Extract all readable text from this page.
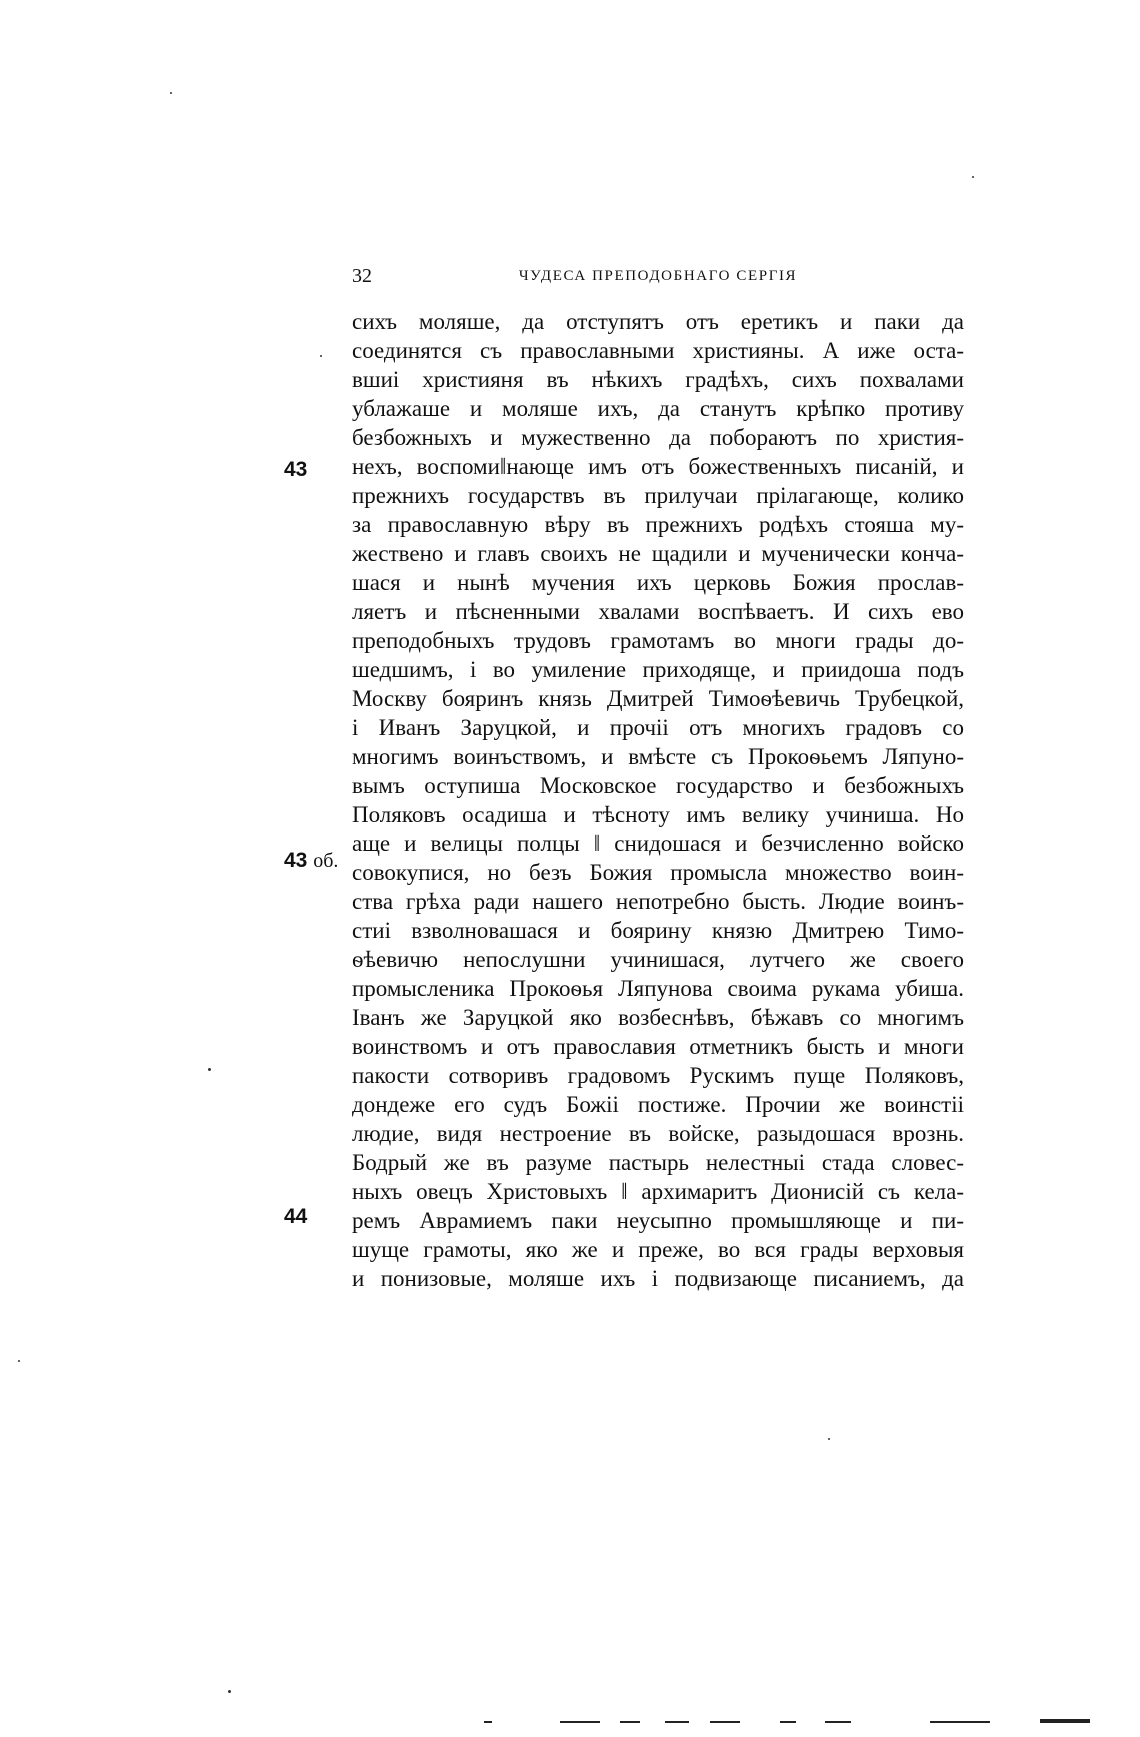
32	ЧУДЕСА ПРЕПОДОБНАГО СЕРГІЯ
43
43 об.
44
сихъ моляше, да отступятъ отъ еретикъ и паки да
соединятся съ православными християны. А иже оста-
вшиі християня въ нѣкихъ градѣхъ, сихъ похвалами
ублажаше и моляше ихъ, да станутъ крѣпко противу
безбожныхъ и мужественно да побораютъ по христия-
нехъ, воспоми‖нающе имъ отъ божественныхъ писанiй, и
прежнихъ государствъ въ прилучаи прiлагающе, колико
за православную вѣру въ прежнихъ родѣхъ стояша му-
жествено и главъ своихъ не щадили и мученически конча-
шася и нынѣ мучения ихъ церковь Божия прослав-
ляетъ и пѣсненными хвалами воспѣваетъ. И сихъ ево
преподобныхъ трудовъ грамотамъ во многи грады до-
шедшимъ, і во умиление приходяще, и приидоша подъ
Москву бояринъ князь Дмитрей Тимоѳѣевичь Трубецкой,
і Иванъ Заруцкой, и прочiі отъ многихъ градовъ со
многимъ воинъствомъ, и вмѣсте съ Прокоѳьемъ Ляпуно-
вымъ оступиша Московское государство и безбожныхъ
Поляковъ осадиша и тѣсноту имъ велику учиниша. Но
аще и велицы полцы ‖ снидошася и безчисленно войско
совокупися, но безъ Божия промысла множество воин-
ства грѣха ради нашего непотребно бысть. Людие воинъ-
стиі взволновашася и боярину князю Дмитрею Тимо-
ѳѣевичю непослушни учинишася, лутчего же своего
промысленика Прокоѳья Ляпунова своима рукама убиша.
Іванъ же Заруцкой яко возбеснѣвъ, бѣжавъ со многимъ
воинствомъ и отъ православия отметникъ бысть и многи
пакости сотворивъ градовомъ Рускимъ пуще Поляковъ,
дондеже его судъ Божiі постиже. Прочии же воинстiі
людие, видя нестроение въ войске, разыдошася врознь.
Бодрый же въ разуме пастырь нелестныi стада словес-
ныхъ овецъ Христовыхъ ‖ архимаритъ Дионисiй съ кела-
ремъ Аврамиемъ паки неусыпно промышляюще и пи-
шуще грамоты, яко же и преже, во вся грады верховыя
и понизовые, моляше ихъ і подвизающе писаниемъ, да
